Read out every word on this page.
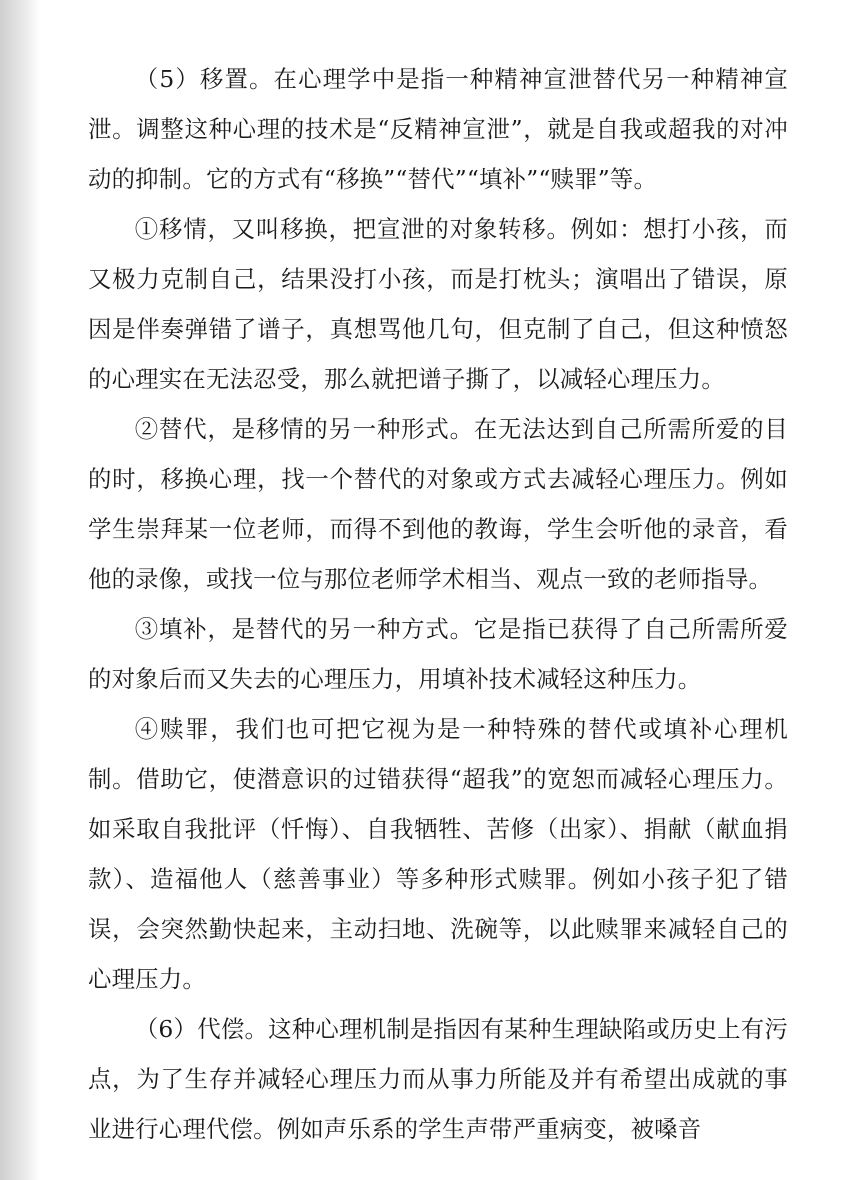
（5）移置。在心理学中是指一种精神宣泄替代另一种精神宣泄。调整这种心理的技术是“反精神宣泄”，就是自我或超我的对冲动的抑制。它的方式有“移换”“替代”“填补”“赎罪”等。

①移情，又叫移换，把宣泄的对象转移。例如：想打小孩，而又极力克制自己，结果没打小孩，而是打枕头；演唱出了错误，原因是伴奏弹错了谱子，真想骂他几句，但克制了自己，但这种愤怒的心理实在无法忍受，那么就把谱子撕了，以减轻心理压力。

②替代，是移情的另一种形式。在无法达到自己所需所爱的目的时，移换心理，找一个替代的对象或方式去减轻心理压力。例如学生崇拜某一位老师，而得不到他的教诲，学生会听他的录音，看他的录像，或找一位与那位老师学术相当、观点一致的老师指导。

③填补，是替代的另一种方式。它是指已获得了自己所需所爱的对象后而又失去的心理压力，用填补技术减轻这种压力。

④赎罪，我们也可把它视为是一种特殊的替代或填补心理机制。借助它，使潜意识的过错获得“超我”的宽恕而减轻心理压力。如采取自我批评（忏悔）、自我牺牲、苦修（出家）、捐献（献血捐款）、造福他人（慈善事业）等多种形式赎罪。例如小孩子犯了错误，会突然勤快起来，主动扫地、洗碗等，以此赎罪来减轻自己的心理压力。

（6）代偿。这种心理机制是指因有某种生理缺陷或历史上有污点，为了生存并减轻心理压力而从事力所能及并有希望出成就的事业进行心理代偿。例如声乐系的学生声带严重病变，被嗓音
